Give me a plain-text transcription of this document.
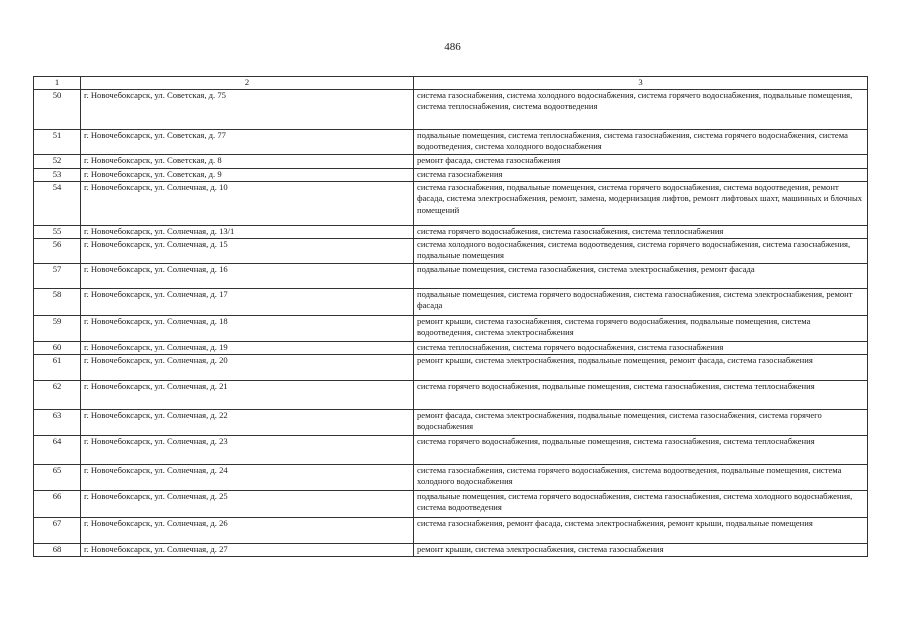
486
1	2	3
50	г. Новочебоксарск, ул. Советская, д. 75	система газоснабжения, система холодного водоснабжения, система горячего водоснабжения, подвальные помещения, система теплоснабжения, система водоотведения
51	г. Новочебоксарск, ул. Советская, д. 77	подвальные помещения, система теплоснабжения, система газоснабжения, система горячего водоснабжения, система водоотведения, система холодного водоснабжения
52	г. Новочебоксарск, ул. Советская, д. 8	ремонт фасада, система газоснабжения
53	г. Новочебоксарск, ул. Советская, д. 9	система газоснабжения
54	г. Новочебоксарск, ул. Солнечная, д. 10	система газоснабжения, подвальные помещения, система горячего водоснабжения, система водоотведения, ремонт фасада, система электроснабжения, ремонт, замена, модернизация лифтов, ремонт лифтовых шахт, машинных и блочных помещений
55	г. Новочебоксарск, ул. Солнечная, д. 13/1	система горячего водоснабжения, система газоснабжения, система теплоснабжения
56	г. Новочебоксарск, ул. Солнечная, д. 15	система холодного водоснабжения, система водоотведения, система горячего водоснабжения, система газоснабжения, подвальные помещения
57	г. Новочебоксарск, ул. Солнечная, д. 16	подвальные помещения, система газоснабжения, система электроснабжения, ремонт фасада
58	г. Новочебоксарск, ул. Солнечная, д. 17	подвальные помещения, система горячего водоснабжения, система газоснабжения, система электроснабжения, ремонт фасада
59	г. Новочебоксарск, ул. Солнечная, д. 18	ремонт крыши, система газоснабжения, система горячего водоснабжения, подвальные помещения, система водоотведения, система электроснабжения
60	г. Новочебоксарск, ул. Солнечная, д. 19	система теплоснабжения, система горячего водоснабжения, система газоснабжения
61	г. Новочебоксарск, ул. Солнечная, д. 20	ремонт крыши, система электроснабжения, подвальные помещения, ремонт фасада, система газоснабжения
62	г. Новочебоксарск, ул. Солнечная, д. 21	система горячего водоснабжения, подвальные помещения, система газоснабжения, система теплоснабжения
63	г. Новочебоксарск, ул. Солнечная, д. 22	ремонт фасада, система электроснабжения, подвальные помещения, система газоснабжения, система горячего водоснабжения
64	г. Новочебоксарск, ул. Солнечная, д. 23	система горячего водоснабжения, подвальные помещения, система газоснабжения, система теплоснабжения
65	г. Новочебоксарск, ул. Солнечная, д. 24	система газоснабжения, система горячего водоснабжения, система водоотведения, подвальные помещения, система холодного водоснабжения
66	г. Новочебоксарск, ул. Солнечная, д. 25	подвальные помещения, система горячего водоснабжения, система газоснабжения, система холодного водоснабжения, система водоотведения
67	г. Новочебоксарск, ул. Солнечная, д. 26	система газоснабжения, ремонт фасада, система электроснабжения, ремонт крыши, подвальные помещения
68	г. Новочебоксарск, ул. Солнечная, д. 27	ремонт крыши, система электроснабжения, система газоснабжения
